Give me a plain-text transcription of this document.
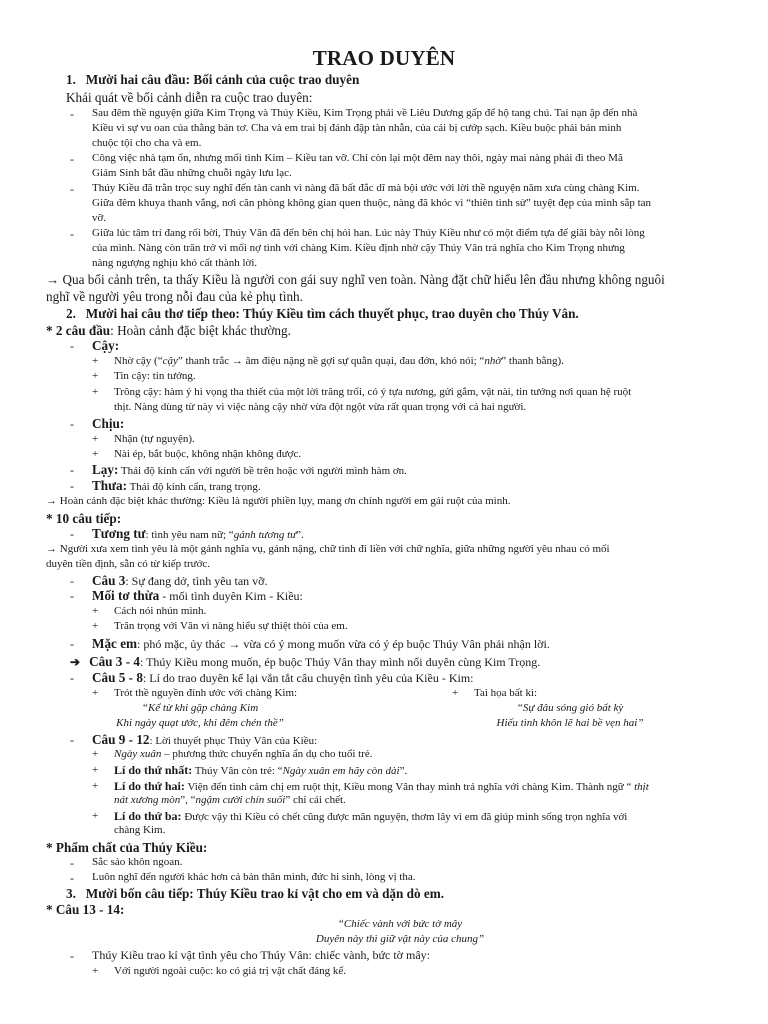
TRAO DUYÊN
1. Mười hai câu đầu: Bối cảnh của cuộc trao duyên
Khái quát về bối cảnh diễn ra cuộc trao duyên:
- Sau đêm thề nguyện giữa Kim Trọng và Thúy Kiều, Kim Trọng phải về Liêu Dương gấp để hộ tang chú. Tai nạn ập đến nhà
Kiều vì sự vu oan của thằng bán tơ. Cha và em trai bị đánh đập tàn nhẫn, của cải bị cướp sạch. Kiều buộc phải bán mình
chuộc tội cho cha và em.
- Công việc nhà tạm ổn, nhưng mối tình Kim – Kiều tan vỡ. Chỉ còn lại một đêm nay thôi, ngày mai nàng phải đi theo Mã
Giám Sinh bắt đầu những chuỗi ngày lưu lạc.
- Thúy Kiều đã trằn trọc suy nghĩ đến tàn canh vì nàng đã bất đắc dĩ mà bội ước với lời thề nguyện năm xưa cùng chàng Kim.
Giữa đêm khuya thanh vắng, nơi căn phòng không gian quen thuộc, nàng đã khóc vì “thiên tình sử” tuyệt đẹp của mình sắp tan
vỡ.
- Giữa lúc tâm trí đang rối bời, Thúy Vân đã đến bên chị hỏi han. Lúc này Thúy Kiều như có một điểm tựa để giãi bày nỗi lòng
của mình. Nàng còn trăn trở vì mối nợ tình với chàng Kim. Kiều định nhờ cậy Thúy Vân trả nghĩa cho Kim Trọng nhưng
nàng ngượng nghịu khó cất thành lời.
→ Qua bối cảnh trên, ta thấy Kiều là người con gái suy nghĩ ven toàn. Nàng đặt chữ hiếu lên đầu nhưng không nguôi
nghĩ về người yêu trong nỗi đau của kẻ phụ tình.
2. Mười hai câu thơ tiếp theo: Thúy Kiều tìm cách thuyết phục, trao duyên cho Thúy Vân.
* 2 câu đầu: Hoàn cảnh đặc biệt khác thường.
- Cậy:
+ Nhờ cậy (“cậy” thanh trắc → âm điệu nặng nề gợi sự quằn quại, đau đớn, khó nói; “nhờ” thanh bằng).
+ Tin cậy: tin tưởng.
+ Trông cậy: hàm ý hi vọng tha thiết của một lời trăng trối, có ý tựa nương, gửi gắm, vật nài, tin tưởng nơi quan hệ ruột
thịt. Nàng dùng từ này vì việc nàng cậy nhờ vừa đột ngột vừa rất quan trọng với cả hai người.
- Chịu:
+ Nhận (tự nguyện).
+ Nài ép, bắt buộc, không nhận không được.
- Lạy: Thái độ kính cẩn với người bề trên hoặc với người mình hàm ơn.
- Thưa: Thái độ kính cẩn, trang trọng.
→ Hoàn cảnh đặc biệt khác thường: Kiều là người phiền lụy, mang ơn chính người em gái ruột của mình.
* 10 câu tiếp:
- Tương tư: tình yêu nam nữ; “gánh tương tư”.
→ Người xưa xem tình yêu là một gánh nghĩa vụ, gánh nặng, chữ tình đi liền với chữ nghĩa, giữa những người yêu nhau có mối
duyên tiền định, sẵn có từ kiếp trước.
- Câu 3: Sự đang dở, tình yêu tan vỡ.
- Mối tơ thừa - mối tình duyên Kim - Kiều:
+ Cách nói nhún mình.
+ Trân trọng với Vân vì nàng hiểu sự thiệt thòi của em.
- Mặc em: phó mặc, ủy thác → vừa có ý mong muốn vừa có ý ép buộc Thúy Vân phải nhận lời.
➔ Câu 3 - 4: Thúy Kiều mong muốn, ép buộc Thúy Vân thay mình nối duyên cùng Kim Trọng.
- Câu 5 - 8: Lí do trao duyên kể lại vắn tắt câu chuyện tình yêu của Kiều - Kim:
+ Trót thề nguyền đính ước với chàng Kim:	+ Tai họa bất kì:
“Kể từ khi gặp chàng Kim
Khi ngày quạt ước, khi đêm chén thề”
“Sự đâu sóng gió bất kỳ
Hiếu tình khôn lẽ hai bề vẹn hai”
- Câu 9 - 12: Lời thuyết phục Thúy Vân của Kiều:
+ Ngày xuân – phương thức chuyển nghĩa ẩn dụ cho tuổi trẻ.
+ Lí do thứ nhất: Thúy Vân còn trẻ: “Ngày xuân em hãy còn dài”.
+ Lí do thứ hai: Viện đến tình cảm chị em ruột thịt, Kiều mong Vân thay mình trả nghĩa với chàng Kim. Thành ngữ “ thịt
nát xương mòn”, “ngậm cười chín suối” chỉ cái chết.
+ Lí do thứ ba: Được vậy thì Kiều có chết cũng được mãn nguyện, thơm lây vì em đã giúp mình sống trọn nghĩa với
chàng Kim.
* Phẩm chất của Thúy Kiều:
- Sắc sảo khôn ngoan.
- Luôn nghĩ đến người khác hơn cả bản thân mình, đức hi sinh, lòng vị tha.
3. Mười bốn câu tiếp: Thúy Kiều trao kỉ vật cho em và dặn dò em.
* Câu 13 - 14:
“Chiếc vành với bức tờ mây
Duyên này thì giữ vật này của chung”
- Thúy Kiều trao kỉ vật tình yêu cho Thúy Vân: chiếc vành, bức tờ mây:
+ Với người ngoài cuộc: ko có giá trị vật chất đáng kể.
